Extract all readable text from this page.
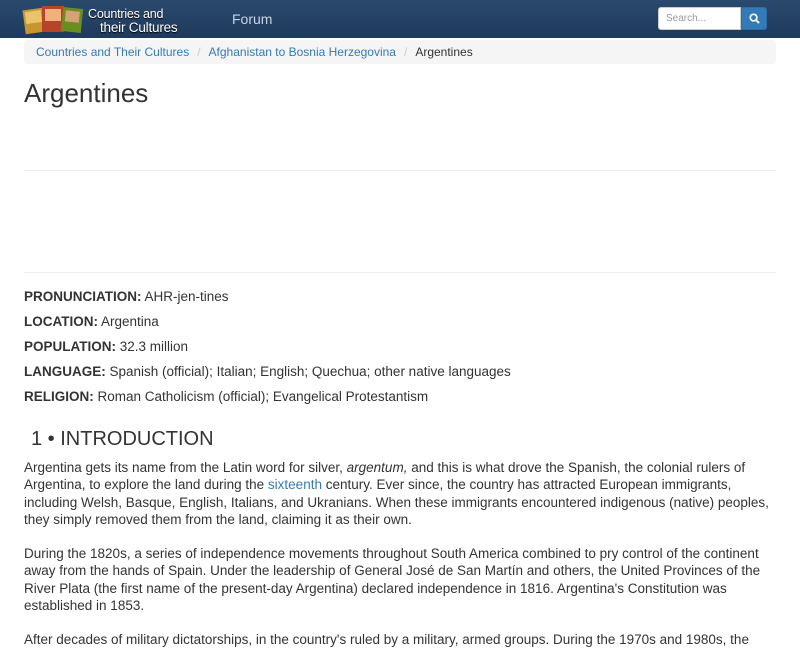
Countries and
their Cultures
Forum
Search...
Countries and Their Cultures / Afghanistan to Bosnia Herzegovina / Argentines
Argentines
PRONUNCIATION: AHR-jen-tines
LOCATION: Argentina
POPULATION: 32.3 million
LANGUAGE: Spanish (official); Italian; English; Quechua; other native languages
RELIGION: Roman Catholicism (official); Evangelical Protestantism
1 • INTRODUCTION

Argentina gets its name from the Latin word for silver, argentum, and this is what drove the Spanish, the colonial rulers of Argentina, to explore the land during the sixteenth century. Ever since, the country has attracted European immigrants, including Welsh, Basque, English, Italians, and Ukranians. When these immigrants encountered indigenous (native) peoples, they simply removed them from the land, claiming it as their own.

During the 1820s, a series of independence movements throughout South America combined to pry control of the continent away from the hands of Spain. Under the leadership of General José de San Martín and others, the United Provinces of the River Plata (the first name of the present-day Argentina) declared independence in 1816. Argentina's Constitution was established in 1853.

After decades of military dictatorships, in the country's ruled by a military, armed groups. During the 1970s and 1980s, the
